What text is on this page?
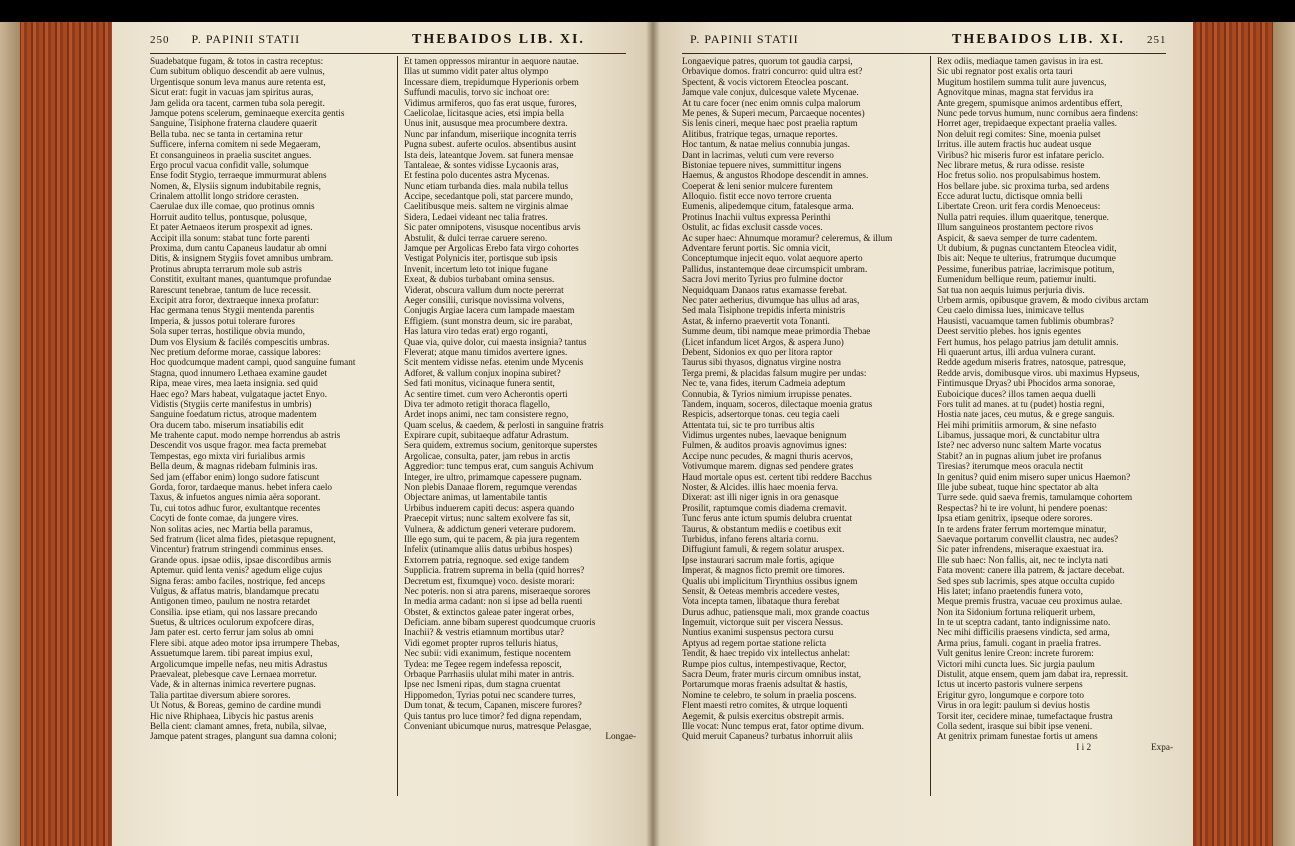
250 P. PAPINII STATII	THEBAIDOS LIB. XI.
Suadebatque fugam, & totos in castra receptus:
Cum subitum obliquo descendit ab aere vulnus,
Urgentisque sonum leva manus aure retenta est,
Sicut erat: fugit in vacuas jam spiritus auras,
Jam gelida ora tacent, carmen tuba sola peregit.
Jamque potens scelerum, geminaeque exercita gentis
Sanguine, Tisiphone fraterna claudere quaerit
Bella tuba. nec se tanta in certamina retur
Sufficere, inferna comitem ni sede Megaeram,
Et consanguineos in praelia suscitet angues.
Ergo procul vacua confidit valle, solumque
Ense fodit Stygio, terraeque immurmurat ablens
Nomen, &, Elysiis signum indubitabile regnis,
Crinalem attollit longo stridore cerasten.
Caerulae dux ille comae, quo protinus omnis
Horruit audito tellus, pontusque, polusque,
Et pater Aetnaeos iterum prospexit ad ignes.
Accipit illa sonum: stabat tunc forte parenti
Proxima, dum cantu Capaneus laudatur ab omni
Ditis, & insignem Stygiis fovet amnibus umbram.
Protinus abrupta terrarum mole sub astris
Constitit, exultant manes, quantumque profundae
Rarescunt tenebrae, tantum de luce recessit.
Excipit atra foror, dextraeque innexa profatur:
Hac germana tenus Stygii mentenda parentis
Imperia, & jussos potui tolerare furores
Sola super terras, hostilique obvia mundo,
Dum vos Elysium & facilés compescitis umbras.
Nec pretium deforme morae, cassique labores:
Hoc quodcumque madent campi, quod sanguine fumant
Stagna, quod innumero Lethaea examine gaudet
Ripa, meae vires, mea laeta insignia. sed quid
Haec ego? Mars habeat, vulgataque jactet Enyo.
Vidistis (Stygiis certe manifestus in umbris)
Sanguine foedatum rictus, atroque madentem
Ora ducem tabo. miserum insatiabilis edit
Me trahente caput. modo nempe horrendus ab astris
Descendit vos usque fragor. mea facta premebat
Tempestas, ego mixta viri furialibus armis
Bella deum, & magnas ridebam fulminis iras.
Sed jam (effabor enim) longo sudore fatiscunt
Gorda, foror, tardaeque manus. hebet infera caelo
Taxus, & infuetos angues nimia aëra soporant.
Tu, cui totos adhuc furor, exultantque recentes
Cocyti de fonte comae, da jungere vires.
Non solitas acies, nec Martia bella paramus,
Sed fratrum (licet alma fides, pietasque repugnent,
Vincentur) fratrum stringendi comminus enses.
Grande opus. ipsae odiis, ipsae discordibus armis
Aptemur. quid lenta venis? agedum elige cujus
Signa feras: ambo faciles, nostrique, fed anceps
Vulgus, & affatus matris, blandamque precatu
Antigonen timeo, paulum ne nostra retardet
Consilia. ipse etiam, qui nos lassare precando
Suetus, & ultrices oculorum expofcere diras,
Jam pater est. certo ferrur jam solus ab omni
Flere sibi. atque adeo motor ipsa irrumpere Thebas,
Assuetumque larem. tibi pareat impius exul,
Argolicumque impelle nefas, neu mitis Adrastus
Praevaleat, plebesque cave Lernaea morretur.
Vade, & in alternas inimica revertere pugnas.
Talia partitae diversum abiere sorores.
Ut Notus, & Boreas, gemino de cardine mundi
Hic nive Rhiphaea, Libycis hic pastus arenis
Bella cient: clamant amnes, freta, nubila, silvae,
Jamque patent strages, plangunt sua damna coloni;
Et tamen oppressos mirantur in aequore nautae.
Illas ut summo vidit pater altus olympo
Incessare diem, trepidumque Hyperionis orbem
Suffundi maculis, torvo sic inchoat ore:
Vidimus armiferos, quo fas erat usque, furores,
Caelicolae, licitasque acies, etsi impia bella
Unus init, aususque mea procumbere dextra.
Nunc par infandum, miseriique incognita terris
Pugna subest. auferte oculos. absentibus ausint
Ista deis, lateantque Jovem. sat funera mensae
Tantaleae, & sontes vidisse Lycaonis aras,
Et festina polo ducentes astra Mycenas.
Nunc etiam turbanda dies. mala nubila tellus
Accipe, secedantque poli, stat parcere mundo,
Caelitibusque meis. saltem ne virginis almae
Sidera, Ledaei videant nec talia fratres.
Sic pater omnipotens, visusque nocentibus arvis
Abstulit, & dulci terrae caruere sereno.
Jamque per Argolicas Erebo fata virgo cohortes
Vestigat Polynicis iter, portisque sub ipsis
Invenit, incertum leto tot inique fugane
Exeat, & dubios turbabant omina sensus.
Viderat, obscura vallum dum nocte pererrat
Aeger consilii, curisque novissima volvens,
Conjugis Argiae lacera cum lampade maestam
Effigiem. (sunt monstra deum, sic ire parabat,
Has latura viro tedas erat) ergo roganti,
Quae via, quive dolor, cui maesta insignia? tantus
Fleverat; atque manu timidos avertere ignes.
Scit mentem vidisse nefas. etenim unde Mycenis
Adforet, & vallum conjux inopina subiret?
Sed fati monitus, vicinaque funera sentit,
Ac sentire timet. cum vero Acherontis operti
Diva ter admoto retigit thoraca flagello,
Ardet inops animi, nec tam consistere regno,
Quam scelus, & caedem, & perlosti in sanguine fratris
Expirare cupit, subitaeque adfatur Adrastum.
Sera quidem, extremus socium, genitorque superstes
Argolicae, consulta, pater, jam rebus in arctis
Aggredior: tunc tempus erat, cum sanguis Achivum
Integer, ire ultro, primamque capessere pugnam.
Non plebis Danaae florem, regumque verendas
Objectare animas, ut lamentabile tantis
Urbibus induerem capiti decus: aspera quando
Praecepit virtus; nunc saltem exolvere fas sit,
Vulnera, & addictum generi veterare pudorem.
Ille ego sum, qui te pacem, & pia jura regentem
Infelix (utinamque aliis datus urbibus hospes)
Extorrem patria, regnoque. sed exige tandem
Supplicia. fratrem suprema in bella (quid horres?
Decretum est, fixumque) voco. desiste morari:
Nec poteris. non si atra parens, miseraeque sorores
In media arma cadant: non si ipse ad bella ruenti
Obstet, & extinctos galeae pater ingerat orbes,
Deficiam. anne bibam superest quodcumque cruoris
Inachii? & vestris etiamnum mortibus utar?
Vidi egomet propter rupros telluris hiatus,
Nec subii: vidi exanimum, festique nocentem
Tydea: me Tegee regem indefessa reposcit,
Orbaque Parrhasiis ululat mihi mater in antris.
Ipse nec Ismeni ripas, dum stagna cruentat
Hippomedon, Tyrias potui nec scandere turres,
Dum tonat, & tecum, Capanen, miscere furores?
Quis tantus pro luce timor? fed digna rependam,
Conveniant ubicumque nurus, matresque Pelasgae,
Longae-
P. PAPINII STATII	THEBAIDOS LIB. XI. 251
Longaevique patres, quorum tot gaudia carpsi,
Orbavique domos. fratri concurro: quid ultra est?
Spectent, & vocis victorem Eteoclea poscant.
Jamque vale conjux, dulcesque valete Mycenae.
At tu care focer (nec enim omnis culpa malorum
Me penes, & Superi mecum, Parcaeque nocentes)
Sis lenis cineri, meque haec post praelia raptum
Alitibus, fratrique tegas, urnaque reportes.
Hoc tantum, & natae melius connubia jungas.
Dant in lacrimas, veluti cum vere reverso
Bistoniae tepuere nives, summittitur ingens
Haemus, & angustos Rhodope descendit in amnes.
Coeperat & leni senior mulcere furentem
Alloquio. fistit ecce novo terrore cruenta
Eumenis, alipedemque citum, fatalesque arma.
Protinus Inachii vultus expressa Perinthi
Ostulit, ac fidas exclusit cassde voces.
Ac super haec: Ahnumque moramur? celeremus, & illum
Adventare ferunt portis. Sic omnia vicit,
Conceptumque injecit equo. volat aequore aperto
Pallidus, instantemque deae circumspicit umbram.
Sacra Jovi merito Tyrius pro fulmine doctor
Nequidquam Danaos ratus examasse ferebat.
Nec pater aetherius, divumque has ullus ad aras,
Sed mala Tisiphone trepidis inferta ministris
Astat, & inferno praevertit vota Tonanti.
Summe deum, tibi namque meae primordia Thebae
(Licet infandum licet Argos, & aspera Juno)
Debent, Sidonios ex quo per litora raptor
Taurus sibi thyasos, dignatus virgine nostra
Terga premi, & placidas falsum mugire per undas:
Nec te, vana fides, iterum Cadmeia adeptum
Connubia, & Tyrios nimium irrupisse penates.
Tandem, inquam, soceros, dilectaque moenia gratus
Respicis, adsertorque tonas. ceu tegia caeli
Attentata tui, sic te pro turribus altis
Vidimus urgentes nubes, laevaque benignum
Fulmen, & auditos proavis agnovimus ignes:
Accipe nunc pecudes, & magni thuris acervos,
Votivumque marem. dignas sed pendere grates
Haud mortale opus est. certent tibi reddere Bacchus
Noster, & Alcides. illis haec moenia ferva.
Dixerat: ast illi niger ignis in ora genasque
Prosilit, raptumque comis diadema cremavit.
Tunc ferus ante ictum spumis delubra cruentat
Taurus, & obstantum mediis e coetibus exit
Turbidus, infano ferens altaria cornu.
Diffugiunt famuli, & regem solatur aruspex.
Ipse instaurari sacrum male fortis, agique
Imperat, & magnos ficto premit ore timores.
Qualis ubi implicitum Tirynthius ossibus ignem
Sensit, & Oeteas membris accedere vestes,
Vota incepta tamen, libataque thura ferebat
Durus adhuc, patiensque mali, mox grande coactus
Ingemuit, victorque suit per viscera Nessus.
Nuntius exanimi suspensus pectora cursu
Aptyus ad regem portae statione relicta
Tendit, & haec trepido vix intellectus anhelat:
Rumpe pios cultus, intempestivaque, Rector,
Sacra Deum, frater muris circum omnibus instat,
Portarumque moras fraenis adsultat & hastis,
Nomine te celebro, te solum in praelia poscens.
Flent maesti retro comites, & utrque loquenti
Aegemit, & pulsis exercitus obstrepit armis.
Ille vocat: Nunc tempus erat, fator optime divum.
Quid meruit Capaneus? turbatus inhorruit aliis
Rex odiis, mediaque tamen gavisus in ira est.
Sic ubi regnator post exalis orta tauri
Mugitum hostilem summa tulit aure juvencus,
Agnovitque minas, magna stat fervidus ira
Ante gregem, spumisque animos ardentibus effert,
Nunc pede torvus humum, nunc cornibus aera findens:
Horret ager, trepidaeque expectant praelia valles.
Non deluit regi comites: Sine, moenia pulset
Irritus. ille autem fractis huc audeat usque
Viribus? hic miseris furor est infatare periclo.
Nec librare metus, & rura odisse. resiste
Hoc fretus solio. nos propulsabimus hostem.
Hos bellare jube. sic proxima turba, sed ardens
Ecce adurat luctu, dictisque omnia belli
Libertate Creon. urit fera cordis Menoeceus:
Nulla patri requies. illum quaeritque, tenerque.
Illum sanguineos prostantem pectore rivos
Aspicit, & saeva semper de turre cadentem.
Ut dubium, & pugnas cunctantem Eteoclea vidit,
Ibis ait: Neque te ulterius, fratrumque ducumque
Pessime, funeribus patriae, lacrimisque potitum,
Eumenidum bellique reum, patiemur inulti.
Sat tua non aequis luimus perjuria divis.
Urbem armis, opibusque gravem, & modo civibus arctam
Ceu caelo dimissa lues, inimicave tellus
Hausisti, vacuamque tamen fublimis obumbras?
Deest servitio plebes. hos ignis egentes
Fert humus, hos pelago patrius jam detulit amnis.
Hi quaerunt artus, illi ardua vulnera curant.
Redde agedum miseris fratres, natosque, patresque,
Redde arvis, domibusque viros. ubi maximus Hypseus,
Fintimusque Dryas? ubi Phocidos arma sonorae,
Euboicique duces? illos tamen aequa duelli
Fors tulit ad manes. at tu (pudet) hostia regni,
Hostia nate jaces, ceu mutus, & e grege sanguis.
Hei mihi primitiis armorum, & sine nefasto
Libamus, jussaque mori, & cunctabitur ultra
Iste? nec adverso nunc saltem Marte vocatus
Stabit? an in pugnas alium jubet ire profanus
Tiresias? iterumque meos oracula nectit
In genitus? quid enim misero super unicus Haemon?
Ille jube subeat, tuque hinc spectator ab alta
Turre sede. quid saeva fremis, tamulamque cohortem
Respectas? hi te ire volunt, hi pendere poenas:
Ipsa etiam genitrix, ipseque odere sorores.
In te ardens frater ferrum mortemque minatur,
Saevaque portarum convellit claustra, nec audes?
Sic pater infrendens, miseraque exaestuat ira.
Ille sub haec: Non fallis, ait, nec te inclyta nati
Fata movent: canere illa patrem, & jactare decebat.
Sed spes sub lacrimis, spes atque occulta cupido
His latet; infano praetendis funera voto,
Meque premis frustra, vacuae ceu proximus aulae.
Non ita Sidonium fortuna reliquerit urbem,
In te ut sceptra cadant, tanto indignissime nato.
Nec mihi difficilis praesens vindicta, sed arma,
Arma prius, famuli. cogant in praelia fratres.
Vult genitus lenire Creon: increte furorem:
Victori mihi cuncta lues. Sic jurgia paulum
Distulit, atque ensem, quem jam dabat ira, repressit.
Ictus ut incerto pastoris vulnere serpens
Erigitur gyro, longumque e corpore toto
Virus in ora legit: paulum si devius hostis
Torsit iter, cecidere minae, tumefactaque frustra
Colla sedent, irasque sui bibit ipse veneni.
At genitrix primam funestae fortis ut amens
I i 2	Expa-
